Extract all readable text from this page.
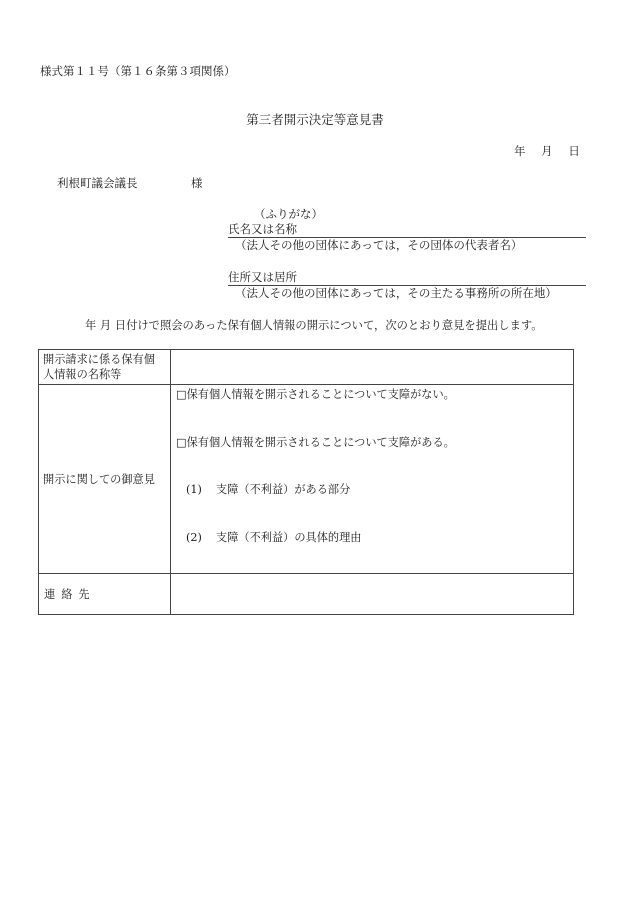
様式第１１号（第１６条第３項関係）
第三者開示決定等意見書
年 月 日
利根町議会議長	様
（ふりがな）
氏名又は名称
（法人その他の団体にあっては，その団体の代表者名）
住所又は居所
（法人その他の団体にあっては，その主たる事務所の所在地）
年 月 日付けで照会のあった保有個人情報の開示について，次のとおり意見を提出します。
開示請求に係る保有個人情報の名称等	
開示に関しての御意見	□保有個人情報を開示されることについて支障がない。
□保有個人情報を開示されることについて支障がある。
(1) 支障（不利益）がある部分
(2) 支障（不利益）の具体的理由

連絡先	
